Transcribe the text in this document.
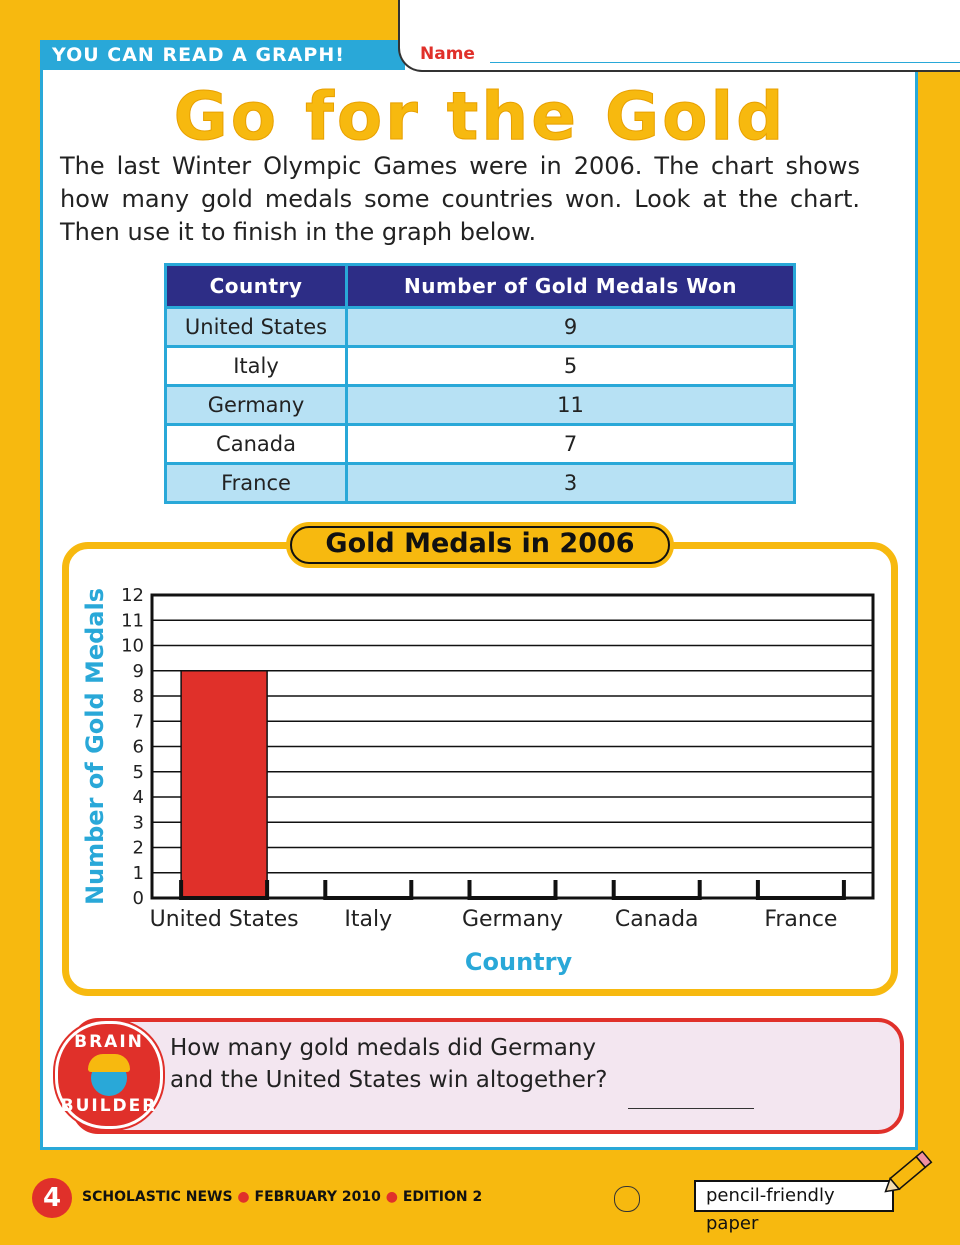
YOU CAN READ A GRAPH!	Name
Go for the Gold
The last Winter Olympic Games were in 2006. The chart shows how many gold medals some countries won. Look at the chart. Then use it to finish in the graph below.
Country	Number of Gold Medals Won
United States	9
Italy	5
Germany	11
Canada	7
France	3
Gold Medals in 2006
0
1
2
3
4
5
6
7
8
9
10
11
12
United States Italy	Germany Canada	France
Country
Number of Gold Medals
BRAIN
BUILDER
How many gold medals did Germany and the United States win altogether?
4	SCHOLASTIC NEWS ● FEBRUARY 2010 ● EDITION 2	pencil-friendly paper
